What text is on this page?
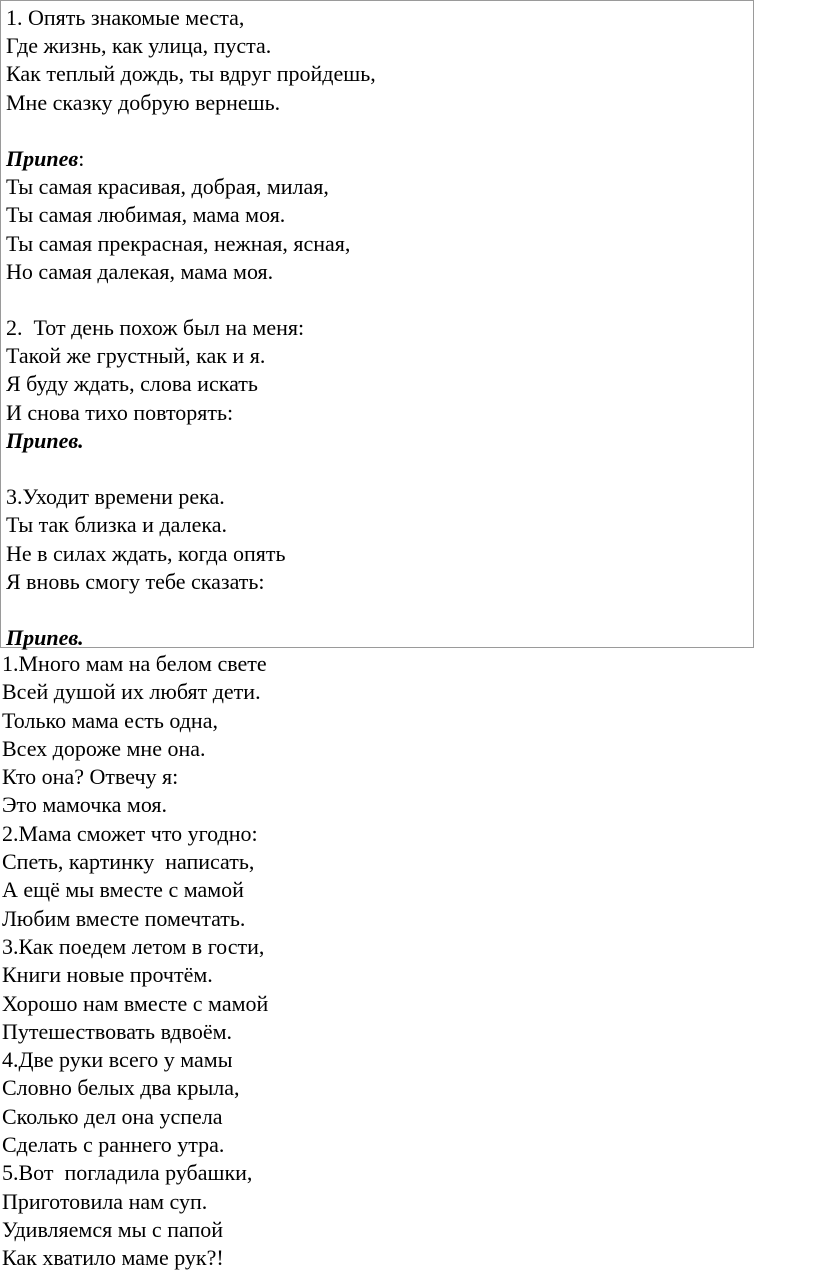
1. Опять знакомые места,
Где жизнь, как улица, пуста.
Как теплый дождь, ты вдруг пройдешь,
Мне сказку добрую вернешь.
Припев:
Ты самая красивая, добрая, милая,
Ты самая любимая, мама моя.
Ты самая прекрасная, нежная, ясная,
Но самая далекая, мама моя.
2.  Тот день похож был на меня:
Такой же грустный, как и я.
Я буду ждать, слова искать
И снова тихо повторять:
Припев.
3.Уходит времени река.
Ты так близка и далека.
Не в силах ждать, когда опять
Я вновь смогу тебе сказать:
Припев.
1.Много мам на белом свете
Всей душой их любят дети.
Только мама есть одна,
Всех дороже мне она.
Кто она? Отвечу я:
Это мамочка моя.
2.Мама сможет что угодно:
Спеть, картинку  написать,
А ещё мы вместе с мамой
Любим вместе помечтать.
3.Как поедем летом в гости,
Книги новые прочтём.
Хорошо нам вместе с мамой
Путешествовать вдвоём.
4.Две руки всего у мамы
Словно белых два крыла,
Сколько дел она успела
Сделать с раннего утра.
5.Вот  погладила рубашки,
Приготовила нам суп.
Удивляемся мы с папой
Как хватило маме рук?!
